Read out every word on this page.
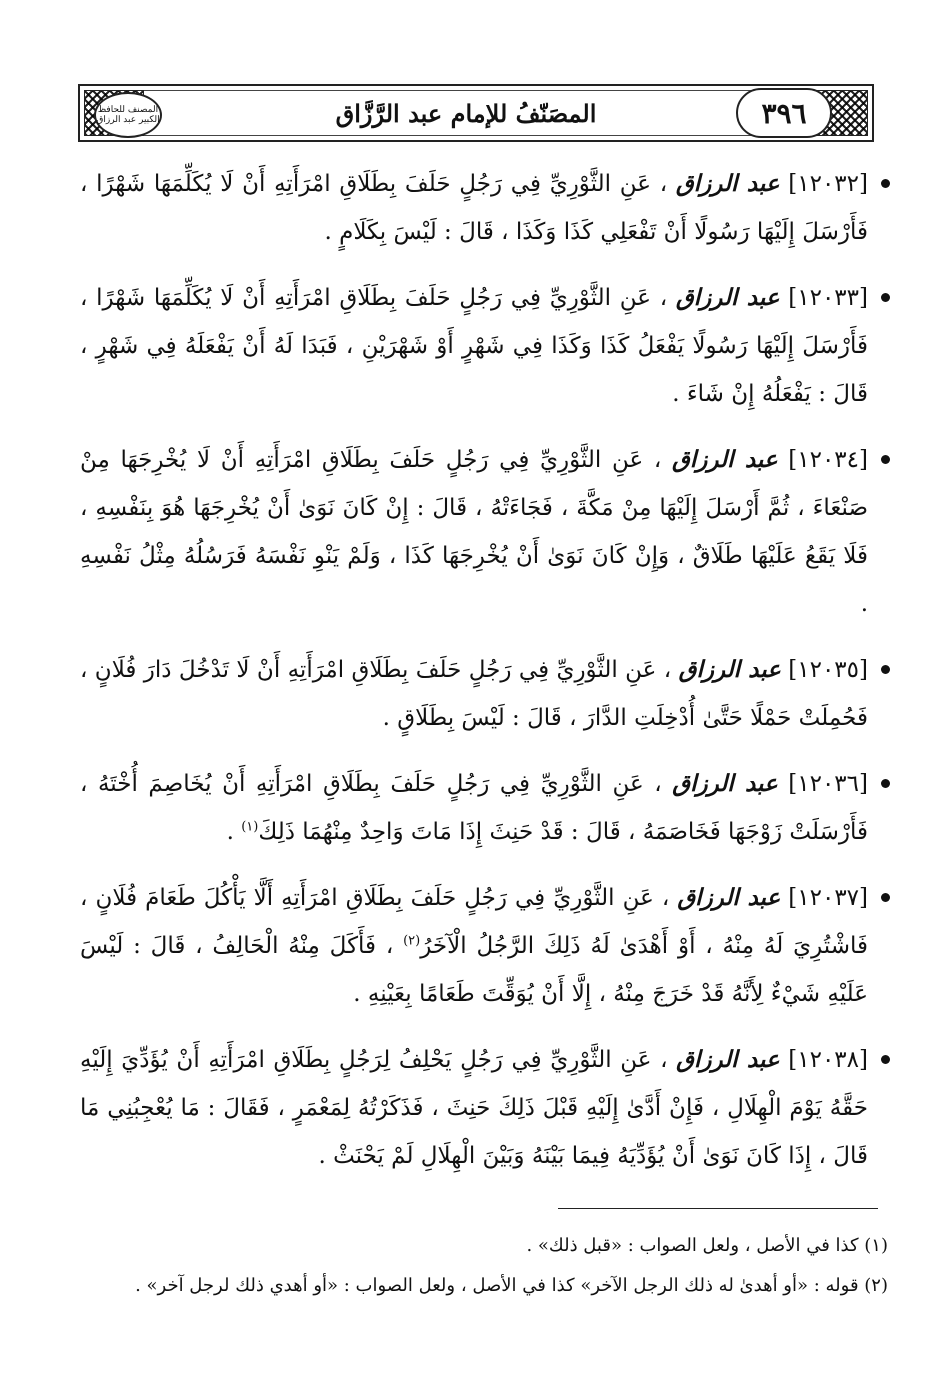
المصنف للحافظ الكبير عبد الرزاق	المصَنّفُ للإمام عبد الرَّزَّاق	٣٩٦

[١٢٠٣٢] عبد الرزاق ، عَنِ الثَّوْرِيِّ فِي رَجُلٍ حَلَفَ بِطَلَاقِ امْرَأَتِهِ أَنْ لَا يُكَلِّمَهَا شَهْرًا ، فَأَرْسَلَ إِلَيْهَا رَسُولًا أَنْ تَفْعَلِي كَذَا وَكَذَا ، قَالَ : لَيْسَ بِكَلَامٍ .

[١٢٠٣٣] عبد الرزاق ، عَنِ الثَّوْرِيِّ فِي رَجُلٍ حَلَفَ بِطَلَاقِ امْرَأَتِهِ أَنْ لَا يُكَلِّمَهَا شَهْرًا ، فَأَرْسَلَ إِلَيْهَا رَسُولًا يَفْعَلُ كَذَا وَكَذَا فِي شَهْرٍ أَوْ شَهْرَيْنِ ، فَبَدَا لَهُ أَنْ يَفْعَلَهُ فِي شَهْرٍ ، قَالَ : يَفْعَلُهُ إِنْ شَاءَ .

[١٢٠٣٤] عبد الرزاق ، عَنِ الثَّوْرِيِّ فِي رَجُلٍ حَلَفَ بِطَلَاقِ امْرَأَتِهِ أَنْ لَا يُخْرِجَهَا مِنْ صَنْعَاءَ ، ثُمَّ أَرْسَلَ إِلَيْهَا مِنْ مَكَّةَ ، فَجَاءَتْهُ ، قَالَ : إِنْ كَانَ نَوَىٰ أَنْ يُخْرِجَهَا هُوَ بِنَفْسِهِ ، فَلَا يَقَعُ عَلَيْهَا طَلَاقٌ ، وَإِنْ كَانَ نَوَىٰ أَنْ يُخْرِجَهَا كَذَا ، وَلَمْ يَنْوِ نَفْسَهُ فَرَسُلُهُ مِثْلُ نَفْسِهِ .

[١٢٠٣٥] عبد الرزاق ، عَنِ الثَّوْرِيِّ فِي رَجُلٍ حَلَفَ بِطَلَاقِ امْرَأَتِهِ أَنْ لَا تَدْخُلَ دَارَ فُلَانٍ ، فَحُمِلَتْ حَمْلًا حَتَّىٰ أُدْخِلَتِ الدَّارَ ، قَالَ : لَيْسَ بِطَلَاقٍ .

[١٢٠٣٦] عبد الرزاق ، عَنِ الثَّوْرِيِّ فِي رَجُلٍ حَلَفَ بِطَلَاقِ امْرَأَتِهِ أَنْ يُخَاصِمَ أُخْتَهُ ، فَأَرْسَلَتْ زَوْجَهَا فَخَاصَمَهُ ، قَالَ : قَدْ حَنِثَ إِذَا مَاتَ وَاحِدٌ مِنْهُمَا ذَلِكَ$^{(١)}$ .

[١٢٠٣٧] عبد الرزاق ، عَنِ الثَّوْرِيِّ فِي رَجُلٍ حَلَفَ بِطَلَاقِ امْرَأَتِهِ أَلَّا يَأْكُلَ طَعَامَ فُلَانٍ ، فَاشْتُرِيَ لَهُ مِنْهُ ، أَوْ أَهْدَىٰ لَهُ ذَلِكَ الرَّجُلُ الْآخَرُ$^{(٢)}$ ، فَأَكَلَ مِنْهُ الْحَالِفُ ، قَالَ : لَيْسَ عَلَيْهِ شَيْءٌ لِأَنَّهُ قَدْ خَرَجَ مِنْهُ ، إِلَّا أَنْ يُوَقِّتَ طَعَامًا بِعَيْنِهِ .

[١٢٠٣٨] عبد الرزاق ، عَنِ الثَّوْرِيِّ فِي رَجُلٍ يَحْلِفُ لِرَجُلٍ بِطَلَاقِ امْرَأَتِهِ أَنْ يُؤَدِّيَ إِلَيْهِ حَقَّهُ يَوْمَ الْهِلَالِ ، فَإِنْ أَدَّىٰ إِلَيْهِ قَبْلَ ذَلِكَ حَنِثَ ، فَذَكَرْتُهُ لِمَعْمَرٍ ، فَقَالَ : مَا يُعْجِبُنِي مَا قَالَ ، إِذَا كَانَ نَوَىٰ أَنْ يُؤَدِّيَهُ فِيمَا بَيْنَهُ وَبَيْنَ الْهِلَالِ لَمْ يَحْنَثْ .

(١) كذا في الأصل ، ولعل الصواب : «قبل ذلك» .

(٢) قوله : «أو أهدىٰ له ذلك الرجل الآخر» كذا في الأصل ، ولعل الصواب : «أو أهدي ذلك لرجل آخر» .
